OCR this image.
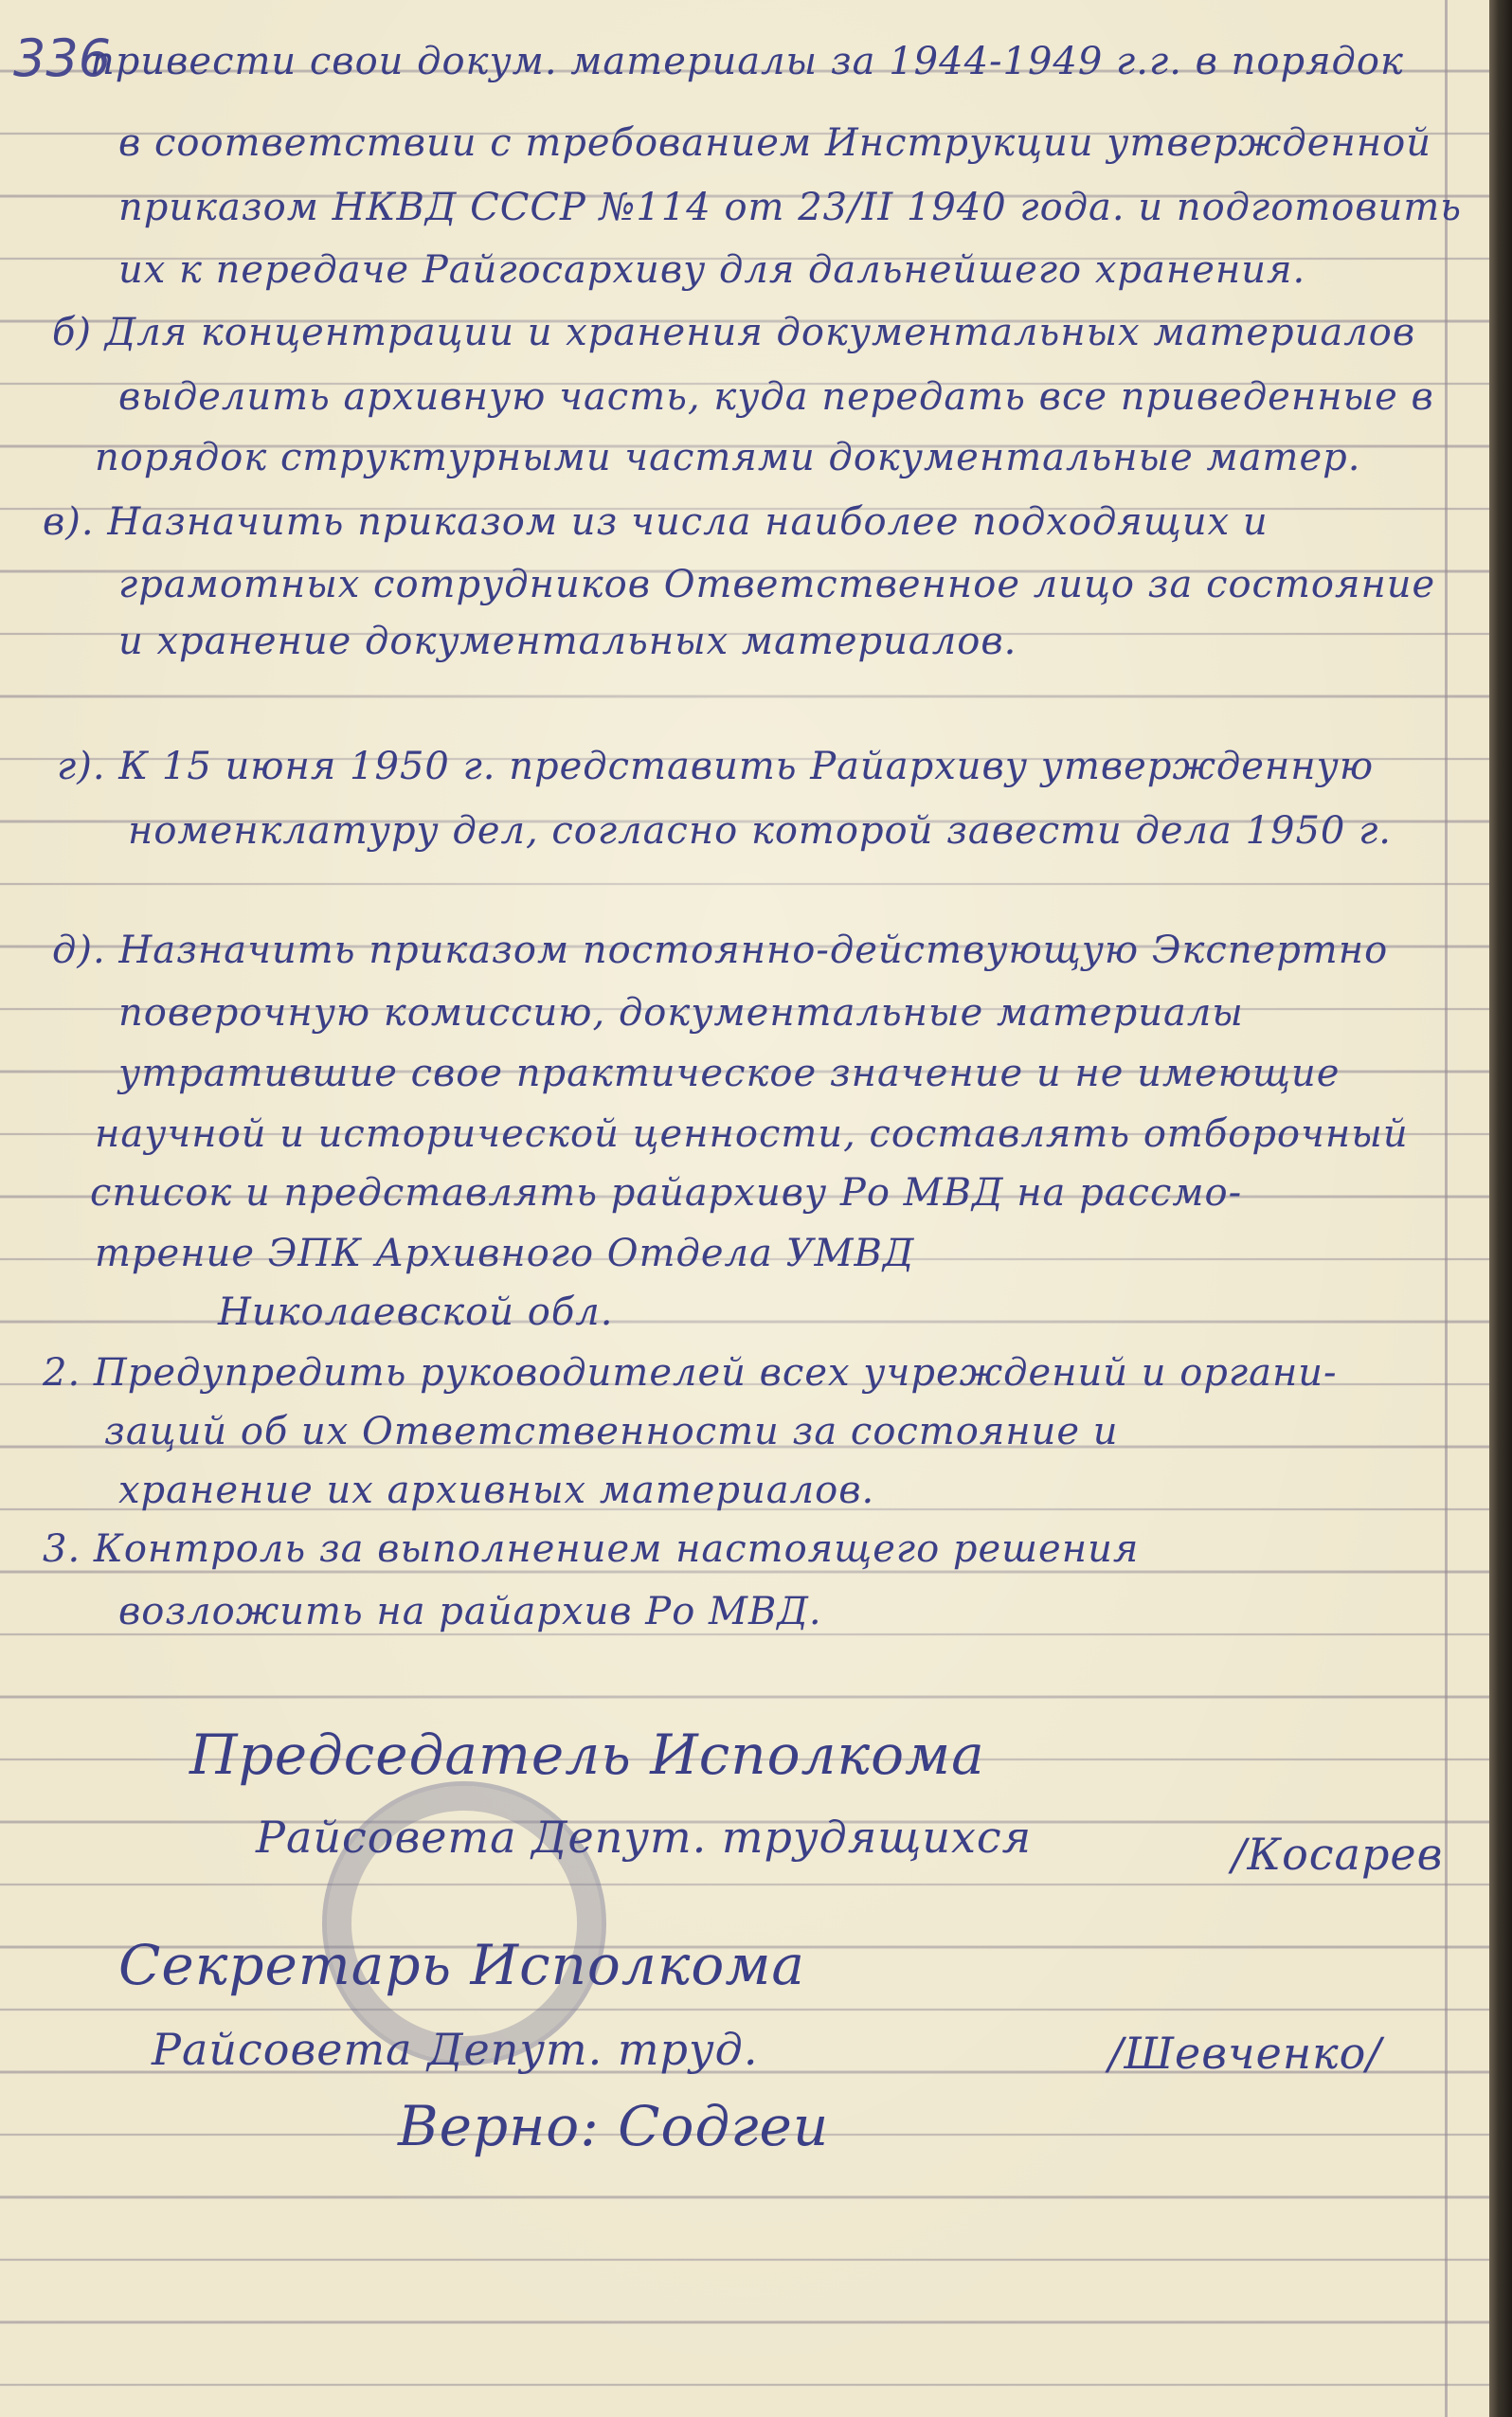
336
привести свои докум. материалы за 1944-1949 г.г. в порядок
в соответствии с требованием Инструкции утвержденной
приказом НКВД СССР №114 от 23/II 1940 года. и подготовить
их к передаче Райгосархиву для дальнейшего хранения.
б) Для концентрации и хранения документальных материалов
выделить архивную часть, куда передать все приведенные в
порядок структурными частями документальные матер.
в). Назначить приказом из числа наиболее подходящих и
грамотных сотрудников Ответственное лицо за состояние
и хранение документальных материалов.
г). К 15 июня 1950 г. представить Райархиву утвержденную
номенклатуру дел, согласно которой завести дела 1950 г.
д). Назначить приказом постоянно-действующую Экспертно
поверочную комиссию, документальные материалы
утратившие свое практическое значение и не имеющие
научной и исторической ценности, составлять отборочный
список и представлять райархиву Ро МВД на рассмо-
трение ЭПК Архивного Отдела УМВД
Николаевской обл.
2. Предупредить руководителей всех учреждений и органи-
заций об их Ответственности за состояние и
хранение их архивных материалов.
3. Контроль за выполнением настоящего решения
возложить на райархив Ро МВД.
Председатель Исполкома
Райсовета Депут. трудящихся	/Косарев
Секретарь Исполкома
Райсовета Депут. труд.	/Шевченко/
Верно: Содгеи
